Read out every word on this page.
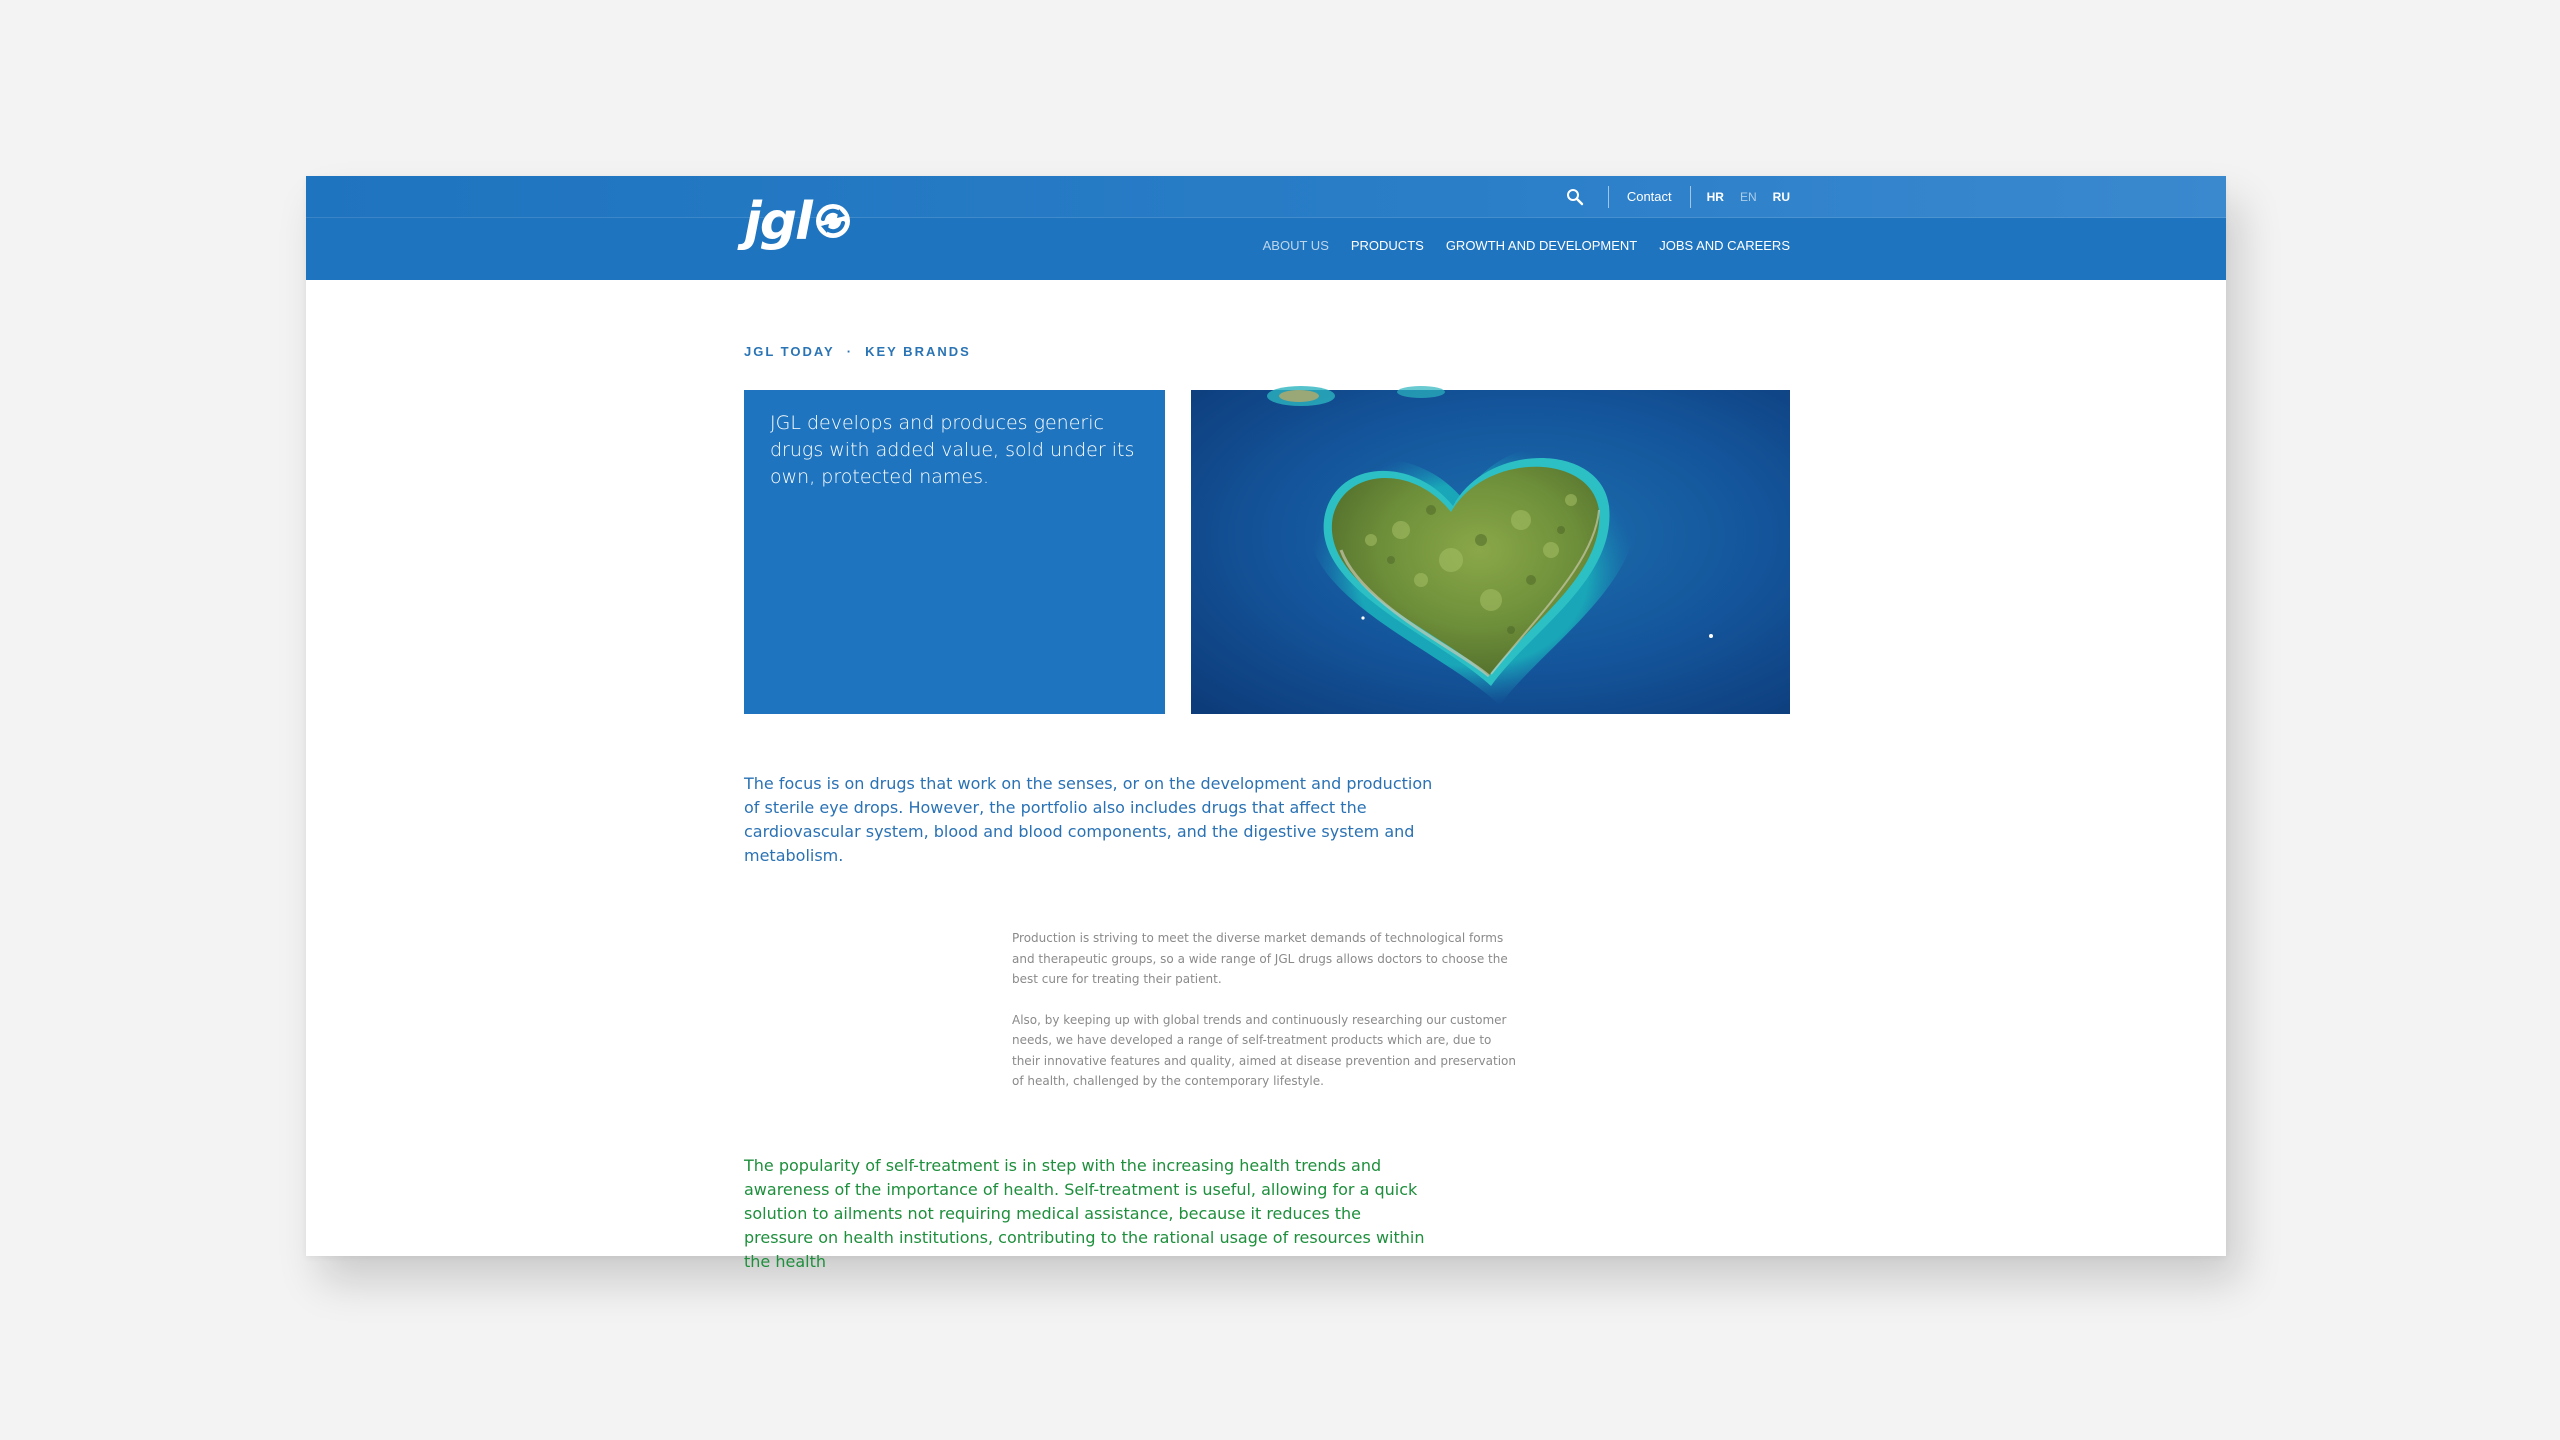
jgl	Contact	HR EN RU
ABOUT US PRODUCTS GROWTH AND DEVELOPMENT JOBS AND CAREERS
JGL TODAY · KEY BRANDS
JGL develops and produces generic drugs with added value, sold under its own, protected names.
The focus is on drugs that work on the senses, or on the development and production of sterile eye drops. However, the portfolio also includes drugs that affect the cardiovascular system, blood and blood components, and the digestive system and metabolism.

Production is striving to meet the diverse market demands of technological forms and therapeutic groups, so a wide range of JGL drugs allows doctors to choose the best cure for treating their patient.

Also, by keeping up with global trends and continuously researching our customer needs, we have developed a range of self-treatment products which are, due to their innovative features and quality, aimed at disease prevention and preservation of health, challenged by the contemporary lifestyle.

The popularity of self-treatment is in step with the increasing health trends and awareness of the importance of health. Self-treatment is useful, allowing for a quick solution to ailments not requiring medical assistance, because it reduces the pressure on health institutions, contributing to the rational usage of resources within the health
